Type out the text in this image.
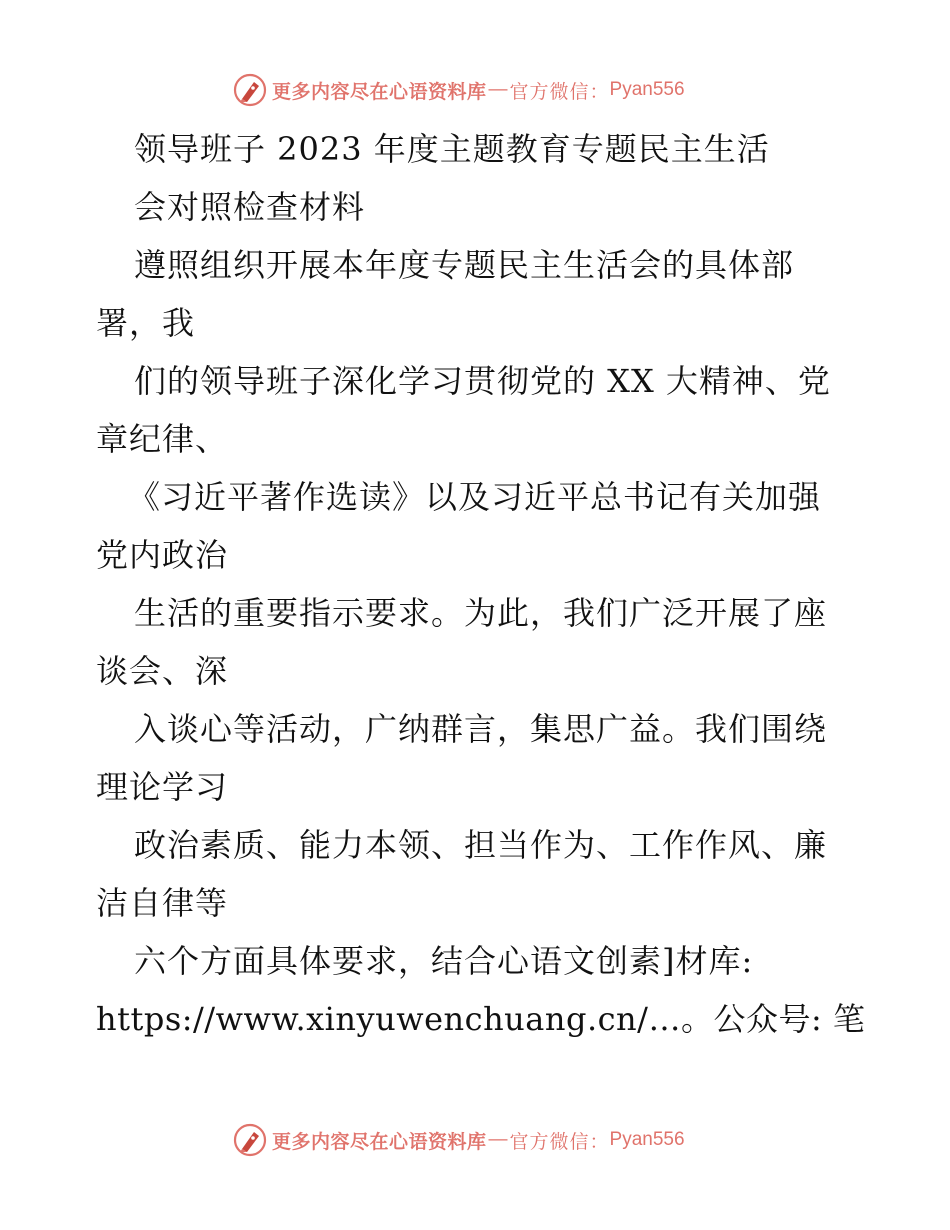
更多内容尽在心语资料库 — 官方微信： Pyan556
领导班子 2023 年度主题教育专题民主生活
会对照检查材料
遵照组织开展本年度专题民主生活会的具体部
署，我
们的领导班子深化学习贯彻党的 XX 大精神、党
章纪律、
《习近平著作选读》以及习近平总书记有关加强
党内政治
生活的重要指示要求。为此，我们广泛开展了座
谈会、深
入谈心等活动，广纳群言，集思广益。我们围绕
理论学习
政治素质、能力本领、担当作为、工作作风、廉
洁自律等
六个方面具体要求，结合心语文创素]材库:
https://www.xinyuwenchuang.cn/…。公众号: 笔
更多内容尽在心语资料库 — 官方微信： Pyan556
